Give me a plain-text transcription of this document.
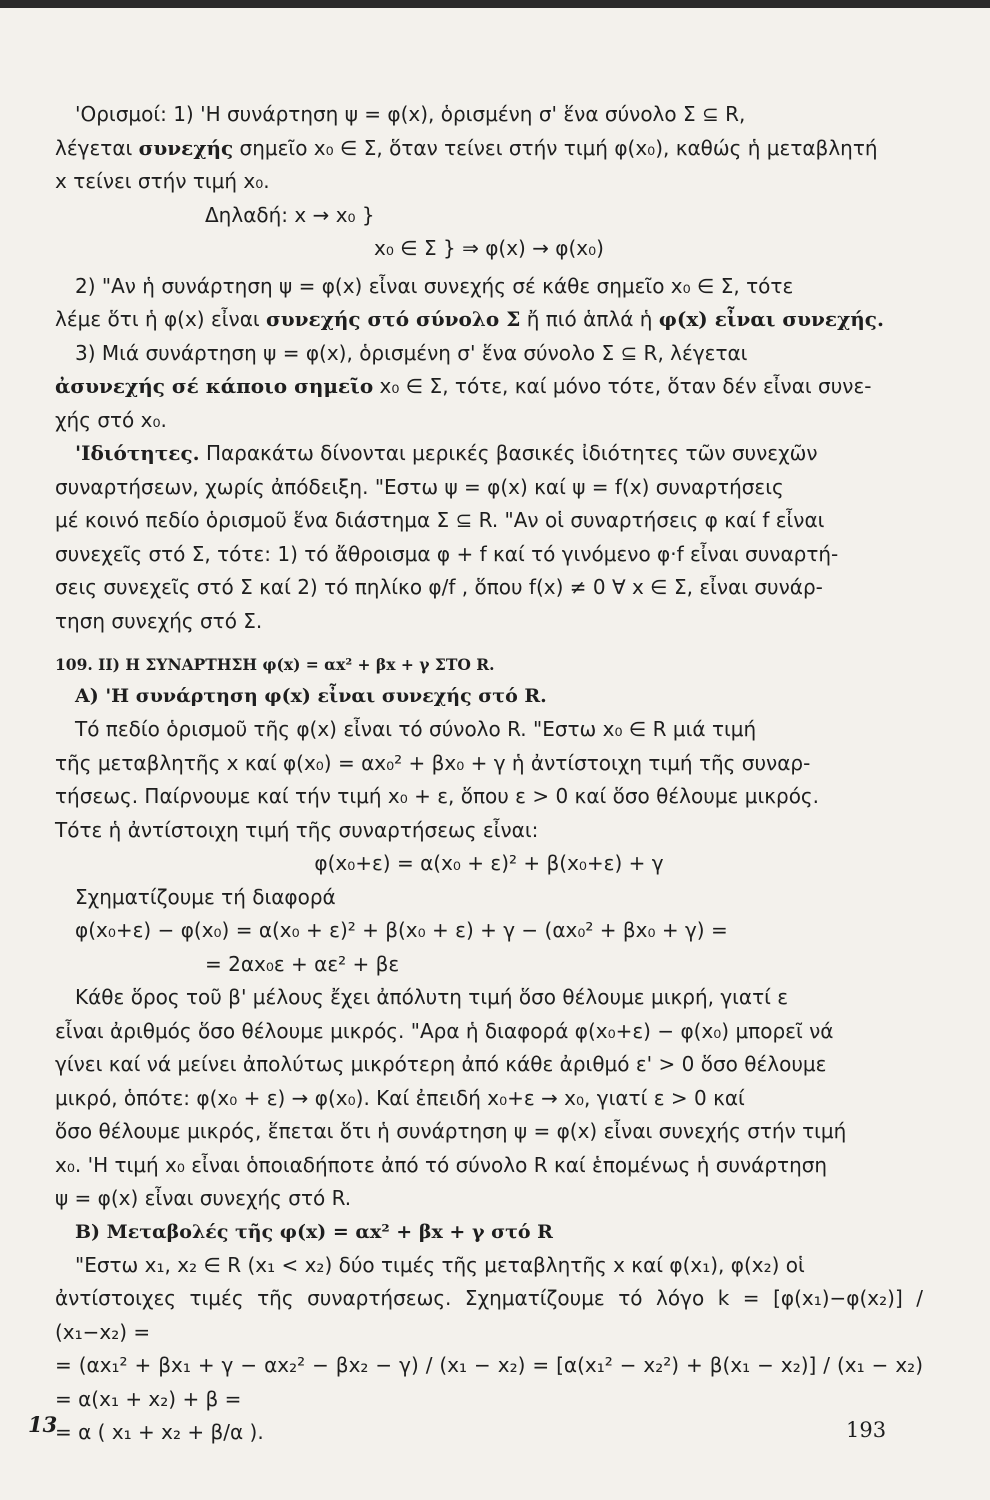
'Ορισμοί: 1) 'Η συνάρτηση ψ = φ(x), ὁρισμένη σ' ἕνα σύνολο Σ ⊆ R,

λέγεται συνεχής σημεῖο x₀ ∈ Σ, ὅταν τείνει στήν τιμή φ(x₀), καθώς ἡ μεταβλητή

x τείνει στήν τιμή x₀.

Δηλαδή: x → x₀ }

x₀ ∈ Σ } ⇒ φ(x) → φ(x₀)

2) "Αν ἡ συνάρτηση ψ = φ(x) εἶναι συνεχής σέ κάθε σημεῖο x₀ ∈ Σ, τότε

λέμε ὅτι ἡ φ(x) εἶναι συνεχής στό σύνολο Σ ἤ πιό ἁπλά ἡ φ(x) εἶναι συνεχής.

3) Μιά συνάρτηση ψ = φ(x), ὁρισμένη σ' ἕνα σύνολο Σ ⊆ R, λέγεται

ἀσυνεχής σέ κάποιο σημεῖο x₀ ∈ Σ, τότε, καί μόνο τότε, ὅταν δέν εἶναι συνε-

χής στό x₀.

'Ιδιότητες. Παρακάτω δίνονται μερικές βασικές ἰδιότητες τῶν συνεχῶν

συναρτήσεων, χωρίς ἀπόδειξη. "Εστω ψ = φ(x) καί ψ = f(x) συναρτήσεις

μέ κοινό πεδίο ὁρισμοῦ ἕνα διάστημα Σ ⊆ R. "Αν οἱ συναρτήσεις φ καί f εἶναι

συνεχεῖς στό Σ, τότε: 1) τό ἄθροισμα φ + f καί τό γινόμενο φ·f εἶναι συναρτή-

σεις συνεχεῖς στό Σ καί 2) τό πηλίκο φ/f , ὅπου f(x) ≠ 0 ∀ x ∈ Σ, εἶναι συνάρ-

τηση συνεχής στό Σ.

109. ΙΙ) Η ΣΥΝΑΡΤΗΣΗ φ(x) = αx² + βx + γ ΣΤΟ R.

Α) 'Η συνάρτηση φ(x) εἶναι συνεχής στό R.

Τό πεδίο ὁρισμοῦ τῆς φ(x) εἶναι τό σύνολο R. "Εστω x₀ ∈ R μιά τιμή

τῆς μεταβλητῆς x καί φ(x₀) = αx₀² + βx₀ + γ ἡ ἀντίστοιχη τιμή τῆς συναρ-

τήσεως. Παίρνουμε καί τήν τιμή x₀ + ε, ὅπου ε > 0 καί ὅσο θέλουμε μικρός.

Τότε ἡ ἀντίστοιχη τιμή τῆς συναρτήσεως εἶναι:

φ(x₀+ε) = α(x₀ + ε)² + β(x₀+ε) + γ

Σχηματίζουμε τή διαφορά

φ(x₀+ε) − φ(x₀) = α(x₀ + ε)² + β(x₀ + ε) + γ − (αx₀² + βx₀ + γ) =

= 2αx₀ε + αε² + βε

Κάθε ὅρος τοῦ β' μέλους ἔχει ἀπόλυτη τιμή ὅσο θέλουμε μικρή, γιατί ε

εἶναι ἀριθμός ὅσο θέλουμε μικρός. "Αρα ἡ διαφορά φ(x₀+ε) − φ(x₀) μπορεῖ νά

γίνει καί νά μείνει ἀπολύτως μικρότερη ἀπό κάθε ἀριθμό ε' > 0 ὅσο θέλουμε

μικρό, ὁπότε: φ(x₀ + ε) → φ(x₀). Καί ἐπειδή x₀+ε → x₀, γιατί ε > 0 καί

ὅσο θέλουμε μικρός, ἕπεται ὅτι ἡ συνάρτηση ψ = φ(x) εἶναι συνεχής στήν τιμή

x₀. 'Η τιμή x₀ εἶναι ὁποιαδήποτε ἀπό τό σύνολο R καί ἑπομένως ἡ συνάρτηση

ψ = φ(x) εἶναι συνεχής στό R.

Β) Μεταβολές τῆς φ(x) = αx² + βx + γ στό R

"Εστω x₁, x₂ ∈ R (x₁ < x₂) δύο τιμές τῆς μεταβλητῆς x καί φ(x₁), φ(x₂) οἱ

ἀντίστοιχες τιμές τῆς συναρτήσεως. Σχηματίζουμε τό λόγο k = [φ(x₁)−φ(x₂)] / (x₁−x₂) =

= (αx₁² + βx₁ + γ − αx₂² − βx₂ − γ) / (x₁ − x₂) = [α(x₁² − x₂²) + β(x₁ − x₂)] / (x₁ − x₂) = α(x₁ + x₂) + β =

= α ( x₁ + x₂ + β/α ).

13	193
